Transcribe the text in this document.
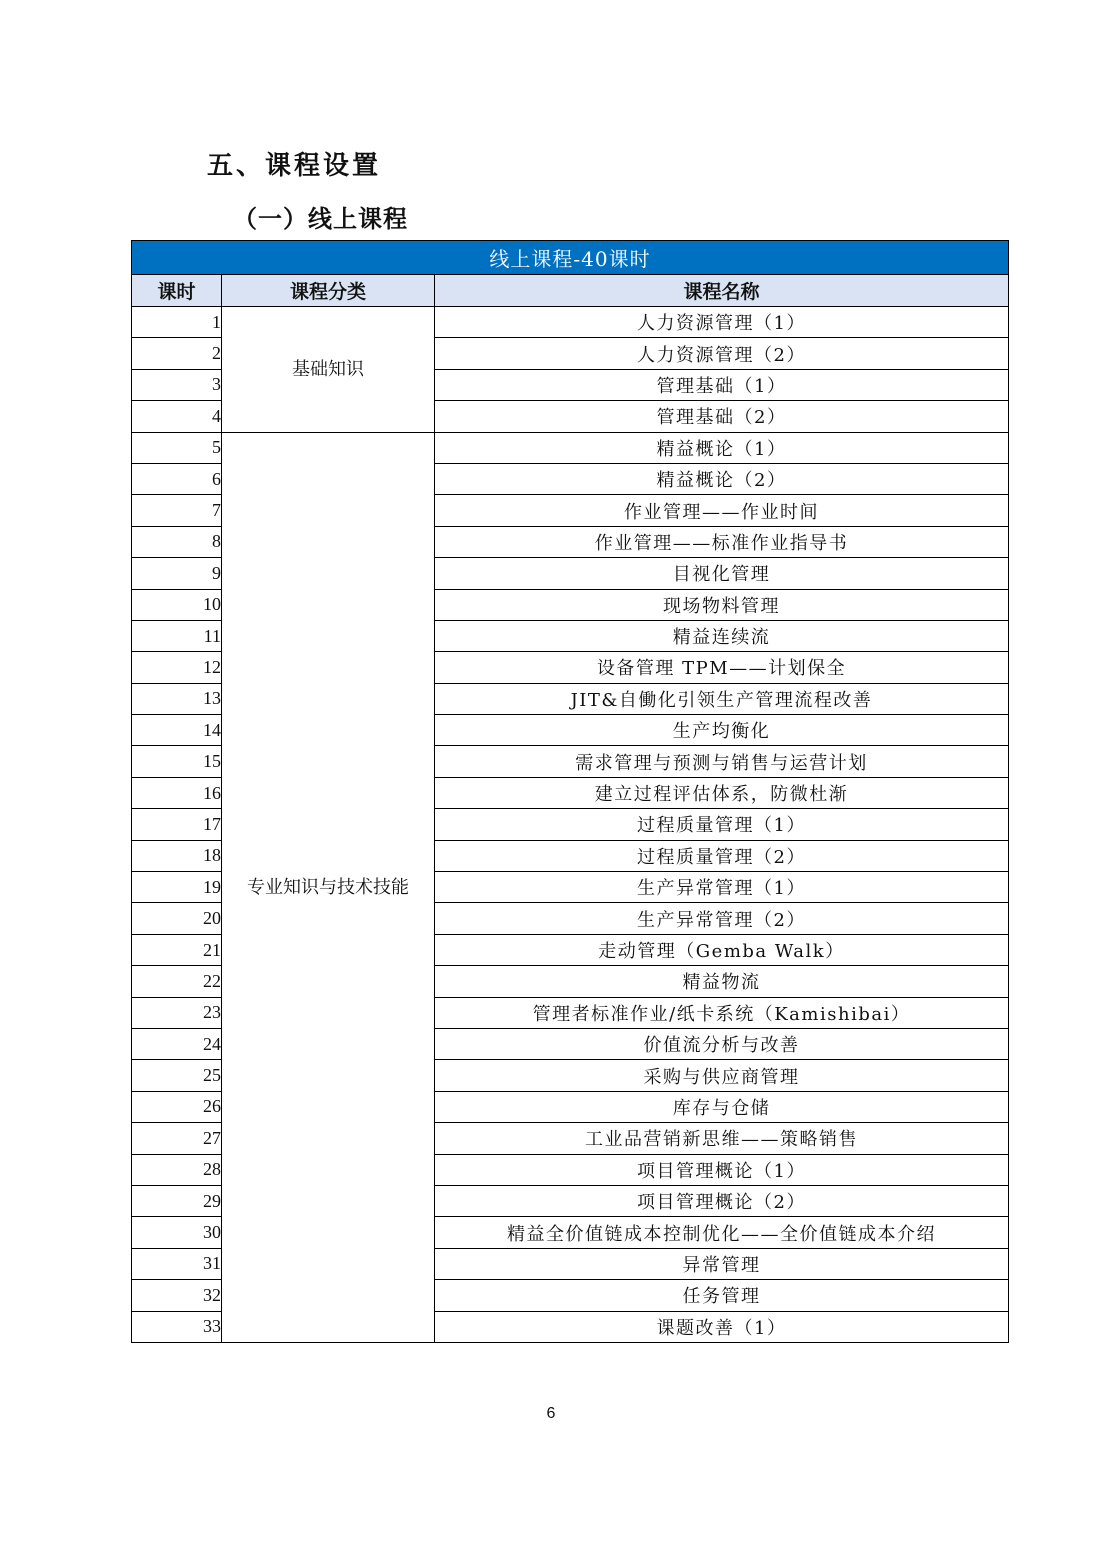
五、课程设置
（一）线上课程
线上课程-40课时		
课时	课程分类	课程名称
1	基础知识	人力资源管理（1）
2		人力资源管理（2）
3		管理基础（1）
4		管理基础（2）
5	专业知识与技术技能	精益概论（1）
6		精益概论（2）
7		作业管理——作业时间
8		作业管理——标准作业指导书
9		目视化管理
10		现场物料管理
11		精益连续流
12		设备管理 TPM——计划保全
13		JIT&自働化引领生产管理流程改善
14		生产均衡化
15		需求管理与预测与销售与运营计划
16		建立过程评估体系，防微杜渐
17		过程质量管理（1）
18		过程质量管理（2）
19		生产异常管理（1）
20		生产异常管理（2）
21		走动管理（Gemba Walk）
22		精益物流
23		管理者标准作业/纸卡系统（Kamishibai）
24		价值流分析与改善
25		采购与供应商管理
26		库存与仓储
27		工业品营销新思维——策略销售
28		项目管理概论（1）
29		项目管理概论（2）
30		精益全价值链成本控制优化——全价值链成本介绍
31		异常管理
32		任务管理
33		课题改善（1）
6
